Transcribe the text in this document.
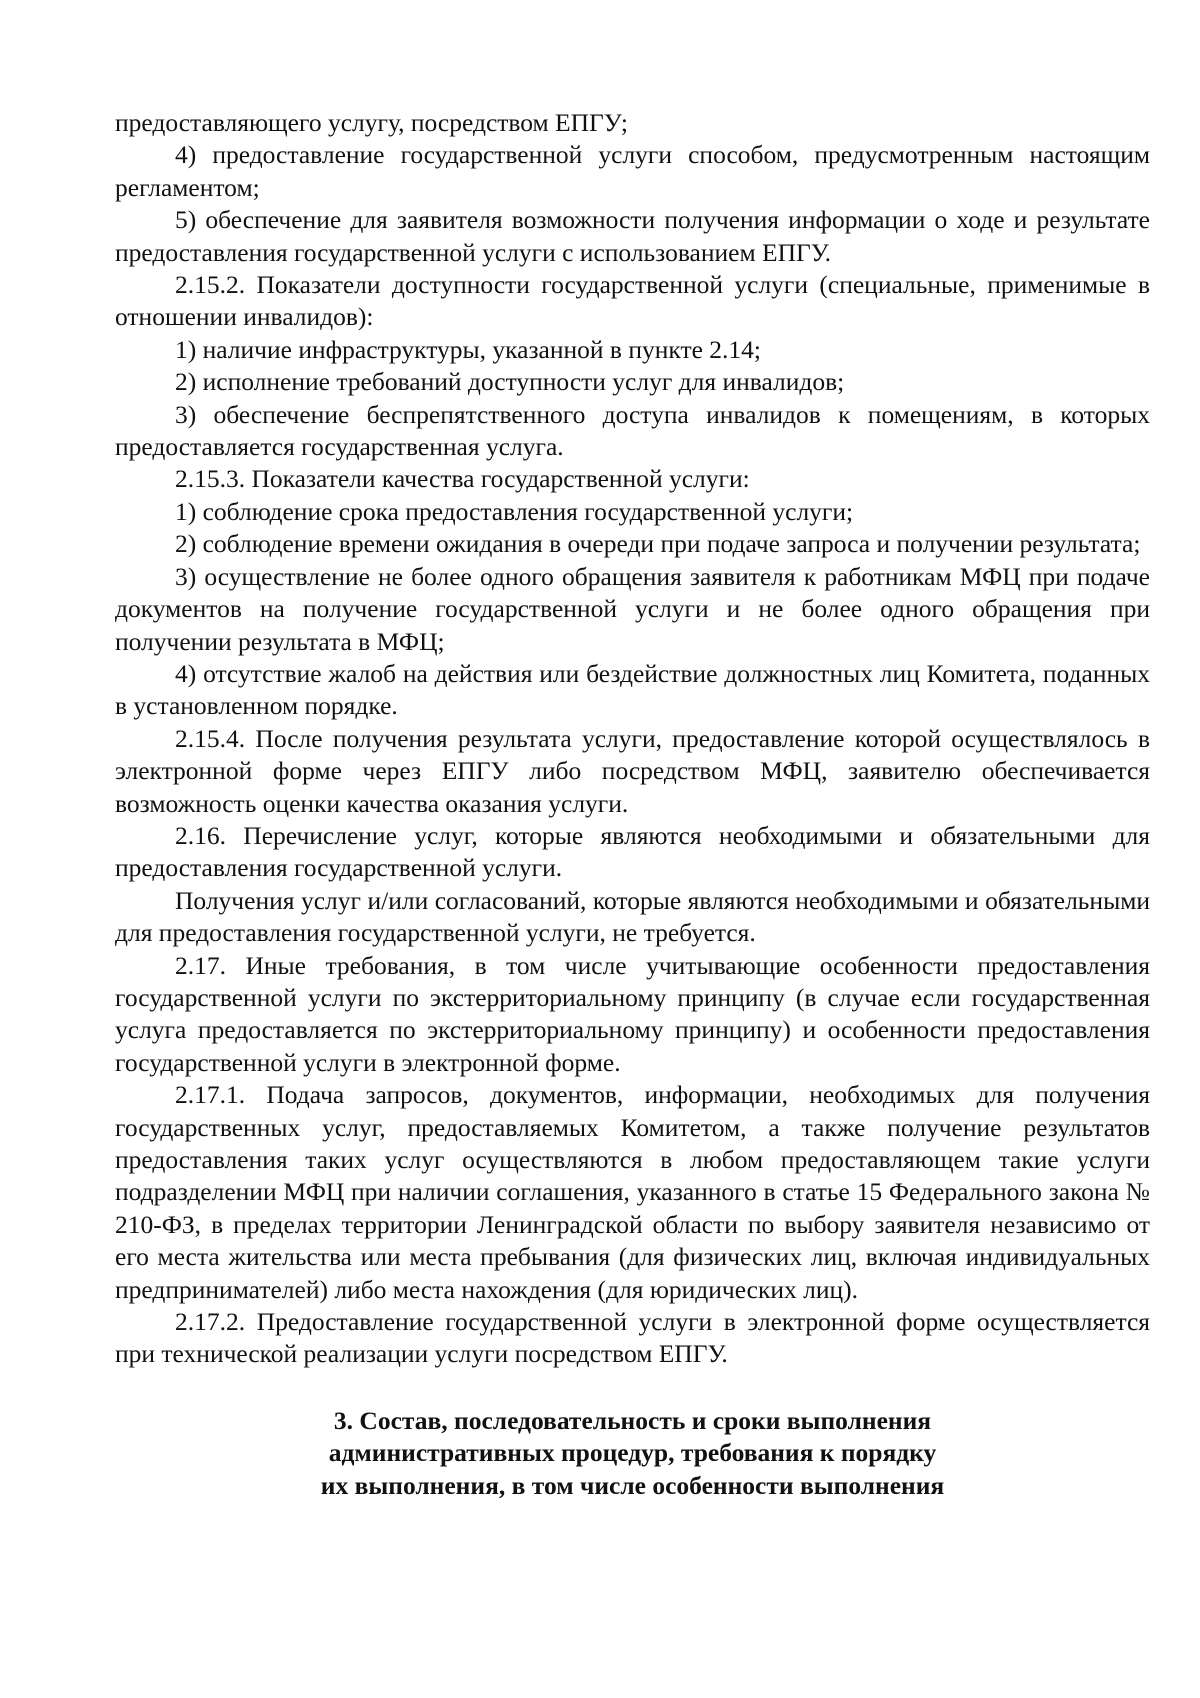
предоставляющего услугу, посредством ЕПГУ;

4) предоставление государственной услуги способом, предусмотренным настоящим регламентом;

5) обеспечение для заявителя возможности получения информации о ходе и результате предоставления государственной услуги с использованием ЕПГУ.

2.15.2. Показатели доступности государственной услуги (специальные, применимые в отношении инвалидов):

1) наличие инфраструктуры, указанной в пункте 2.14;

2) исполнение требований доступности услуг для инвалидов;

3) обеспечение беспрепятственного доступа инвалидов к помещениям, в которых предоставляется государственная услуга.

2.15.3. Показатели качества государственной услуги:

1) соблюдение срока предоставления государственной услуги;

2) соблюдение времени ожидания в очереди при подаче запроса и получении результата;

3) осуществление не более одного обращения заявителя к работникам МФЦ при подаче документов на получение государственной услуги и не более одного обращения при получении результата в МФЦ;

4) отсутствие жалоб на действия или бездействие должностных лиц Комитета, поданных в установленном порядке.

2.15.4. После получения результата услуги, предоставление которой осуществлялось в электронной форме через ЕПГУ либо посредством МФЦ, заявителю обеспечивается возможность оценки качества оказания услуги.

2.16. Перечисление услуг, которые являются необходимыми и обязательными для предоставления государственной услуги.

Получения услуг и/или согласований, которые являются необходимыми и обязательными для предоставления государственной услуги, не требуется.

2.17. Иные требования, в том числе учитывающие особенности предоставления государственной услуги по экстерриториальному принципу (в случае если государственная услуга предоставляется по экстерриториальному принципу) и особенности предоставления государственной услуги в электронной форме.

2.17.1. Подача запросов, документов, информации, необходимых для получения государственных услуг, предоставляемых Комитетом, а также получение результатов предоставления таких услуг осуществляются в любом предоставляющем такие услуги подразделении МФЦ при наличии соглашения, указанного в статье 15 Федерального закона № 210-ФЗ, в пределах территории Ленинградской области по выбору заявителя независимо от его места жительства или места пребывания (для физических лиц, включая индивидуальных предпринимателей) либо места нахождения (для юридических лиц).

2.17.2. Предоставление государственной услуги в электронной форме осуществляется при технической реализации услуги посредством ЕПГУ.

3. Состав, последовательность и сроки выполнения
административных процедур, требования к порядку
их выполнения, в том числе особенности выполнения
